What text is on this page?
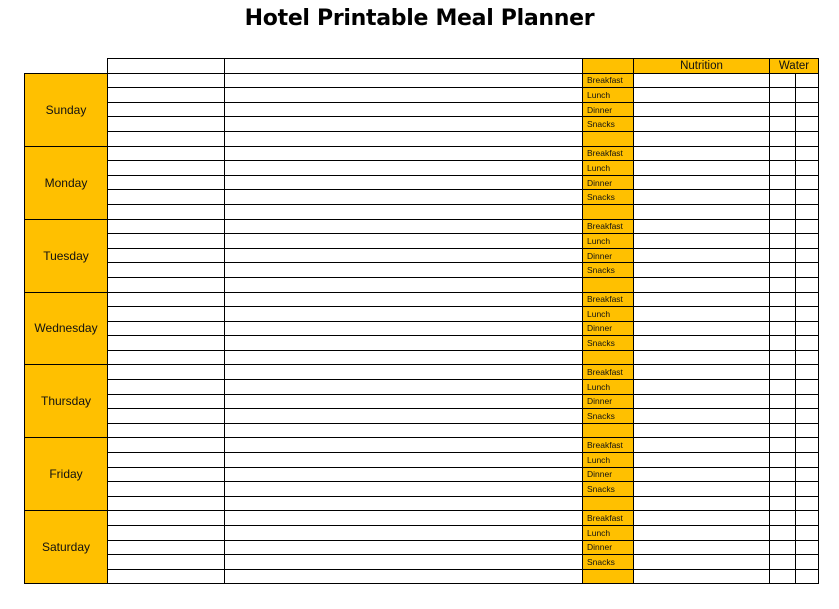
Hotel Printable Meal Planner
				Nutrition	Water	
Sunday			Breakfast			
			Lunch			
			Dinner			
			Snacks			

Monday			Breakfast			
			Lunch			
			Dinner			
			Snacks			

Tuesday			Breakfast			
			Lunch			
			Dinner			
			Snacks			

Wednesday			Breakfast			
			Lunch			
			Dinner			
			Snacks			

Thursday			Breakfast			
			Lunch			
			Dinner			
			Snacks			

Friday			Breakfast			
			Lunch			
			Dinner			
			Snacks			

Saturday			Breakfast			
			Lunch			
			Dinner			
			Snacks			
